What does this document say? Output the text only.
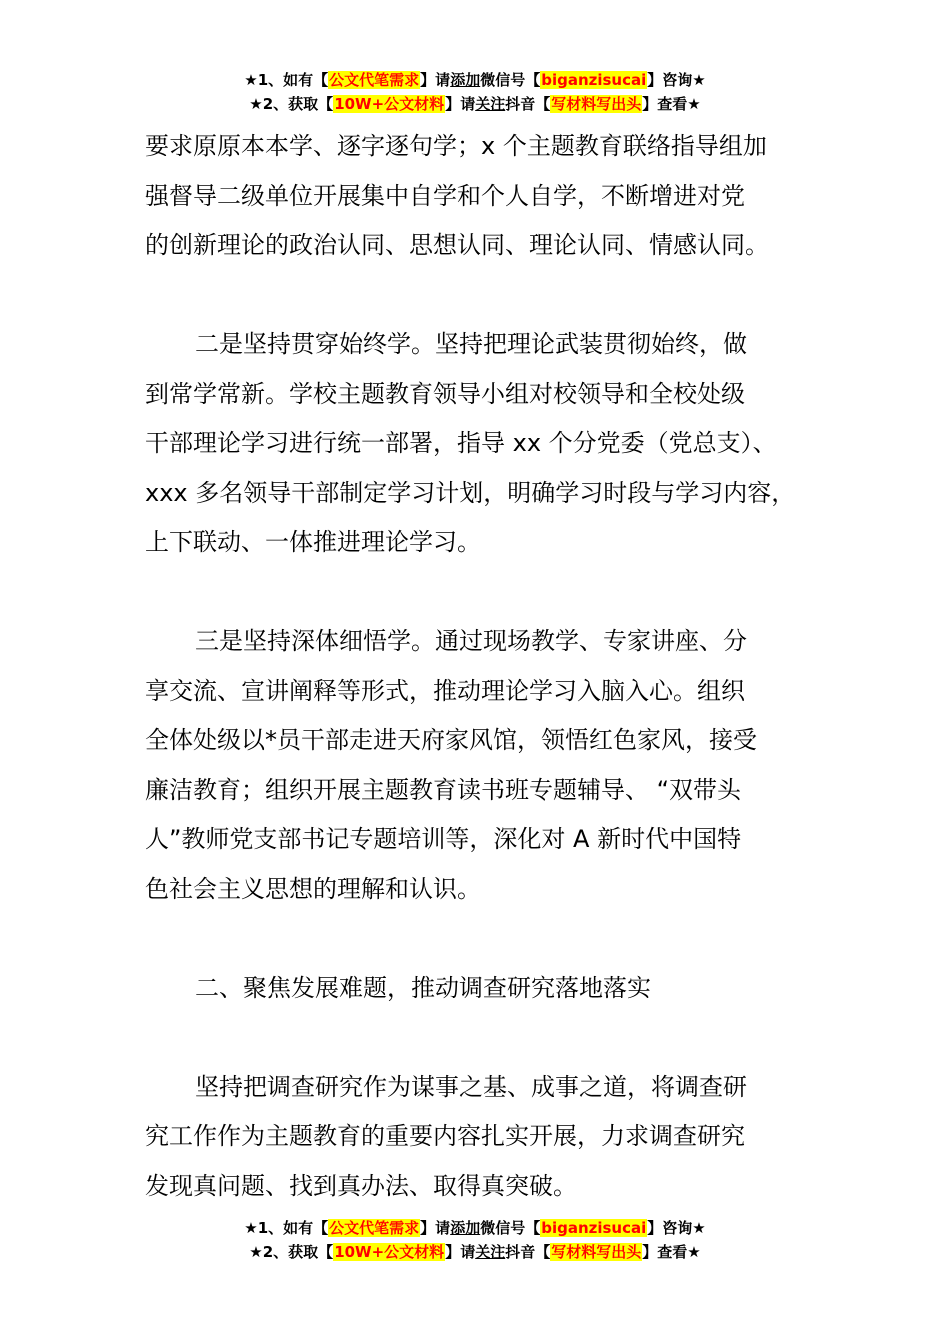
★1、如有【公文代笔需求】请添加微信号【biganzisucai】咨询★
★2、获取【10W+公文材料】请关注抖音【写材料写出头】查看★

要求原原本本学、逐字逐句学；x 个主题教育联络指导组加

强督导二级单位开展集中自学和个人自学，不断增进对党

的创新理论的政治认同、思想认同、理论认同、情感认同。

二是坚持贯穿始终学。坚持把理论武装贯彻始终，做

到常学常新。学校主题教育领导小组对校领导和全校处级

干部理论学习进行统一部署，指导 xx 个分党委（党总支）、

xxx 多名领导干部制定学习计划，明确学习时段与学习内容，

上下联动、一体推进理论学习。

三是坚持深体细悟学。通过现场教学、专家讲座、分

享交流、宣讲阐释等形式，推动理论学习入脑入心。组织

全体处级以*员干部走进天府家风馆，领悟红色家风，接受

廉洁教育；组织开展主题教育读书班专题辅导、 “双带头

人”教师党支部书记专题培训等，深化对 A 新时代中国特

色社会主义思想的理解和认识。

二、聚焦发展难题，推动调查研究落地落实

坚持把调查研究作为谋事之基、成事之道，将调查研

究工作作为主题教育的重要内容扎实开展，力求调查研究

发现真问题、找到真办法、取得真突破。

★1、如有【公文代笔需求】请添加微信号【biganzisucai】咨询★
★2、获取【10W+公文材料】请关注抖音【写材料写出头】查看★
